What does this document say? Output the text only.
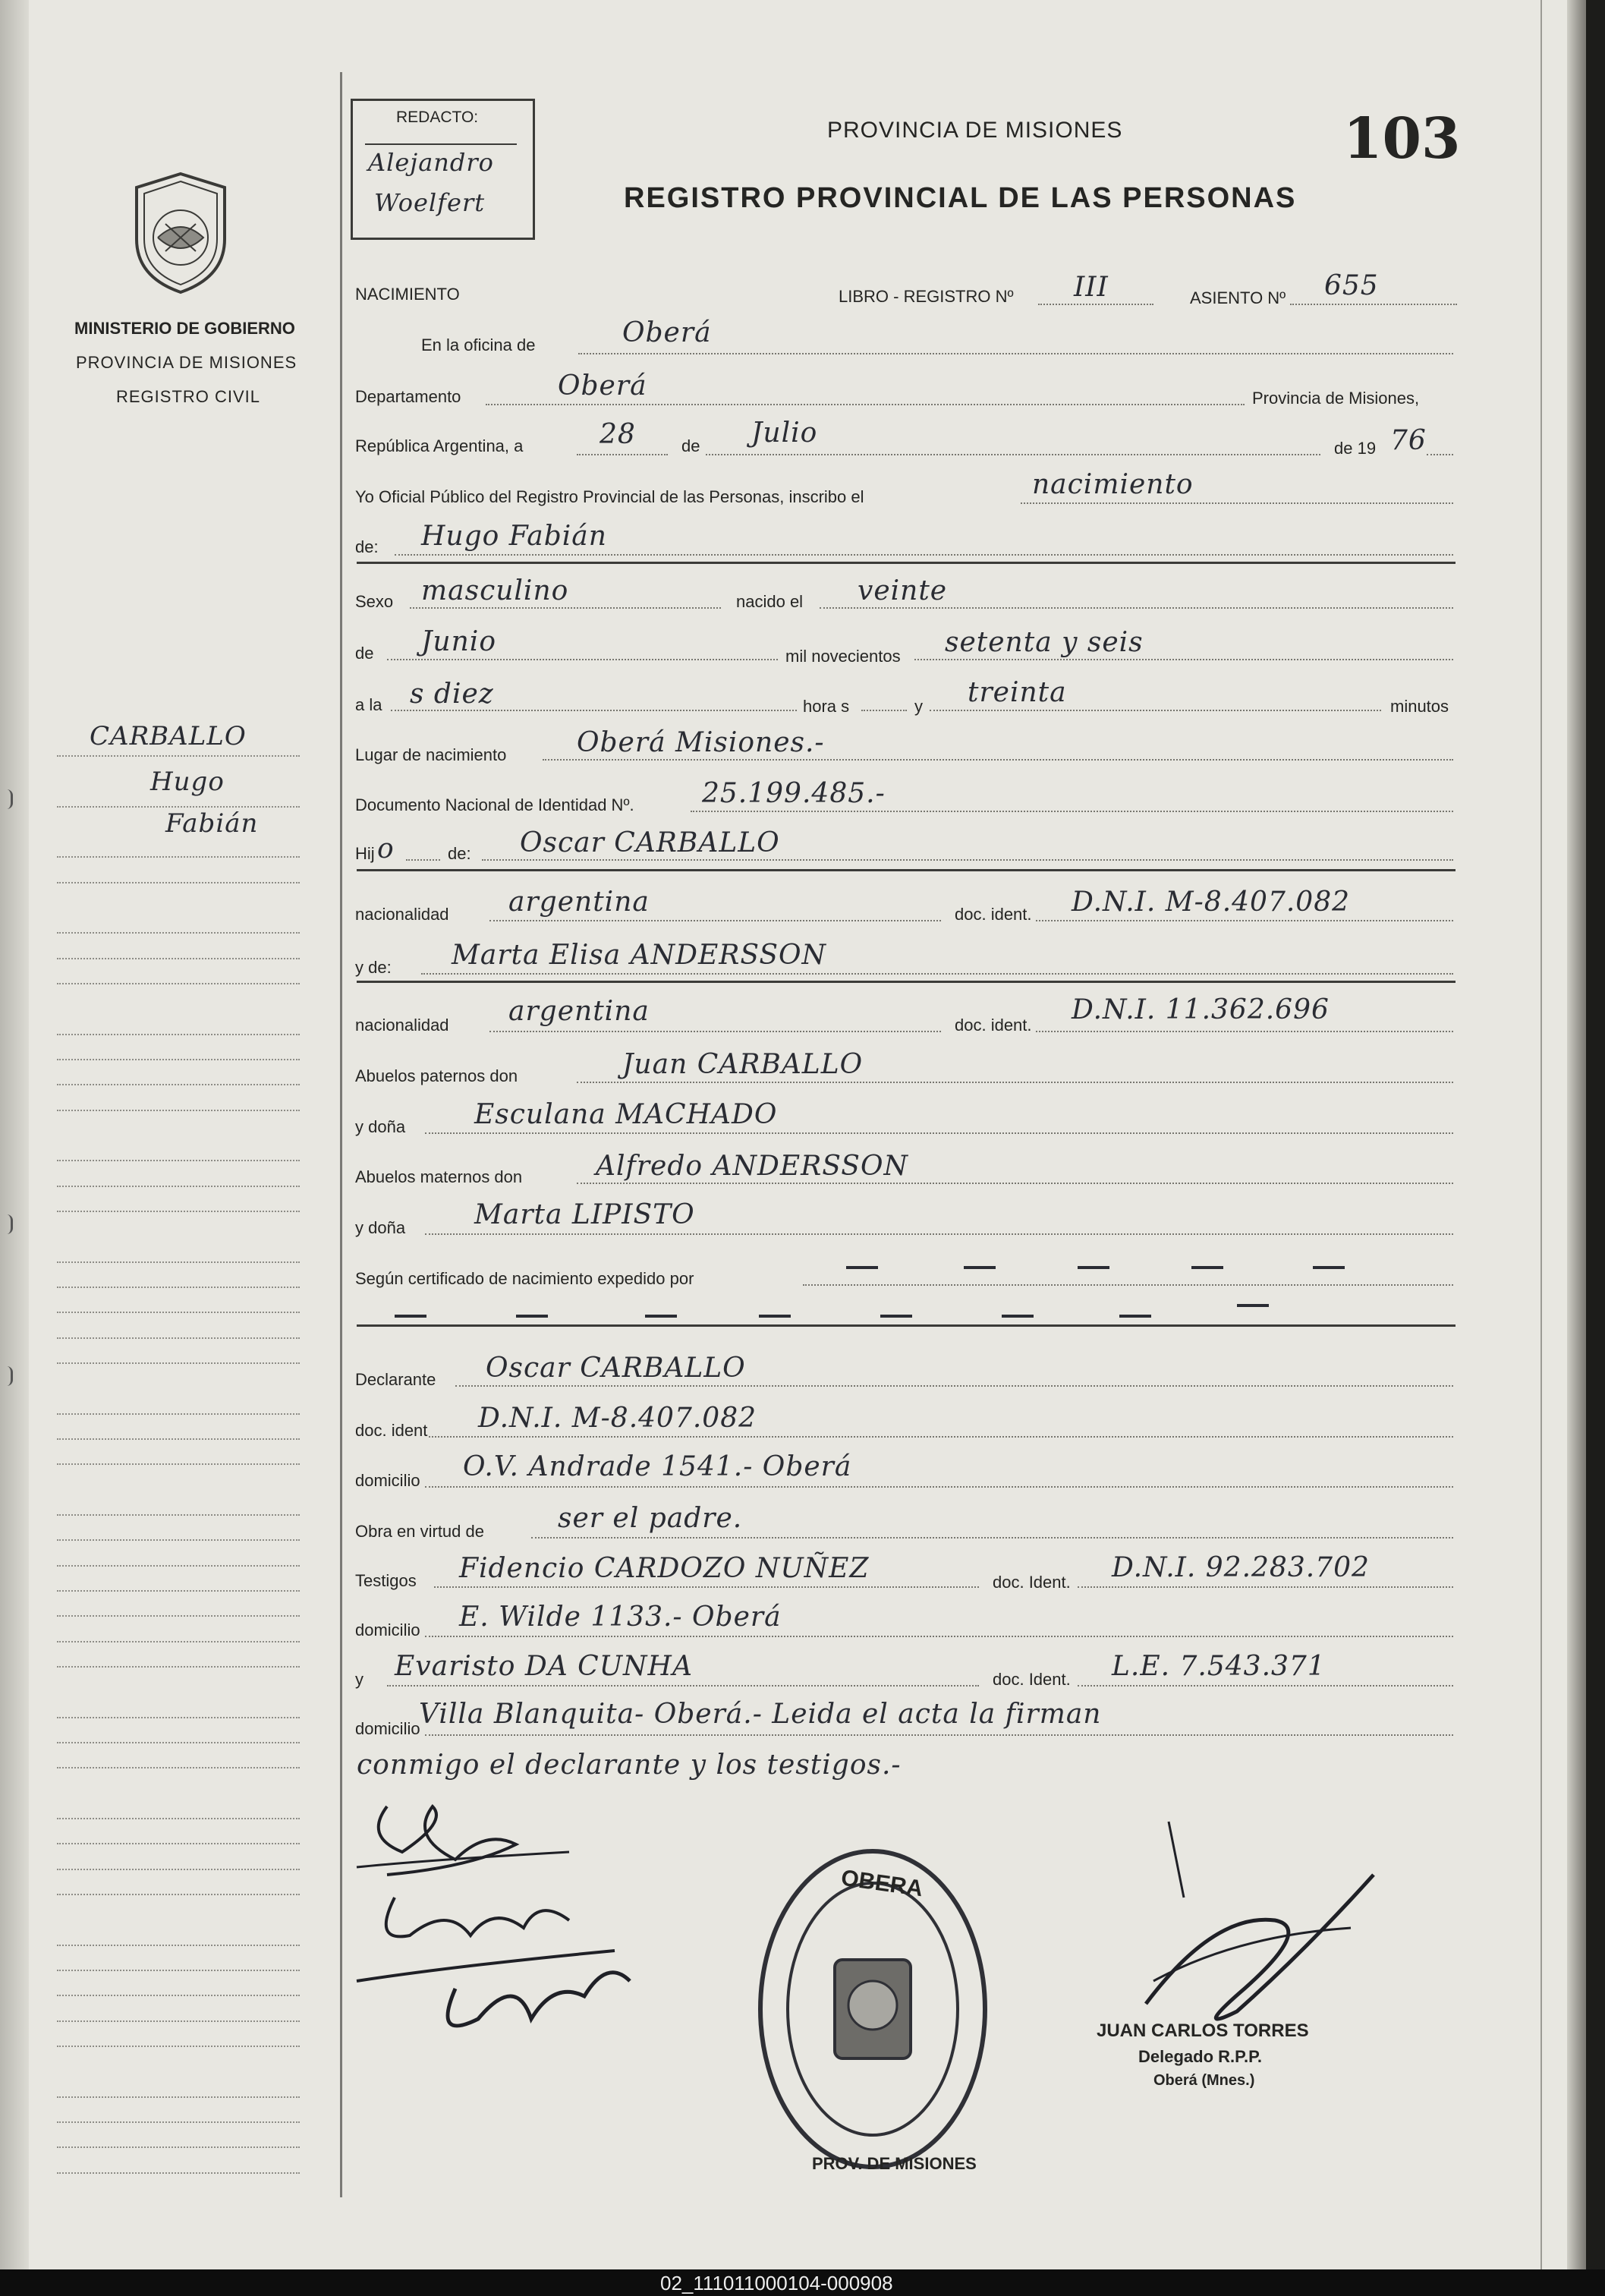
MINISTERIO DE GOBIERNO
PROVINCIA DE MISIONES
REGISTRO CIVIL
CARBALLO
Hugo
Fabián
REDACTO:
Alejandro
Woelfert
PROVINCIA DE MISIONES
REGISTRO PROVINCIAL DE LAS PERSONAS
103
NACIMIENTO	LIBRO - REGISTRO Nº III	ASIENTO Nº 655
En la oficina de	Oberá
Departamento	Oberá	Provincia de Misiones,
República Argentina, a	28	de Julio	de 19 76
Yo Oficial Público del Registro Provincial de las Personas, inscribo el	nacimiento
de: Hugo Fabián
Sexo masculino	nacido el veinte
de Junio	mil novecientos setenta y seis
a la s diez	hora s	y treinta	minutos
Lugar de nacimiento	Oberá Misiones.-
Documento Nacional de Identidad Nº. 25.199.485.-
Hij o	de: Oscar CARBALLO
nacionalidad argentina	doc. ident. D.N.I. M-8.407.082
y de: Marta Elisa ANDERSSON
nacionalidad argentina	doc. ident. D.N.I. 11.362.696
Abuelos paternos don	Juan CARBALLO
y doña	Esculana MACHADO
Abuelos maternos don	Alfredo ANDERSSON
y doña	Marta LIPISTO
Según certificado de nacimiento expedido por
Declarante Oscar CARBALLO
doc. ident D.N.I. M-8.407.082
domicilio O.V. Andrade 1541.- Oberá
Obra en virtud de	ser el padre.
Testigos Fidencio CARDOZO NUÑEZ	doc. Ident. D.N.I. 92.283.702
domicilio E. Wilde 1133.- Oberá
y Evaristo DA CUNHA	doc. Ident. L.E. 7.543.371
domicilio
Villa Blanquita- Oberá.- Leida el acta la firman
conmigo el declarante y los testigos.-
OBERA
PROV. DE MISIONES
JUAN CARLOS TORRES
Delegado R.P.P.
Oberá (Mnes.)
02_111011000104-000908
